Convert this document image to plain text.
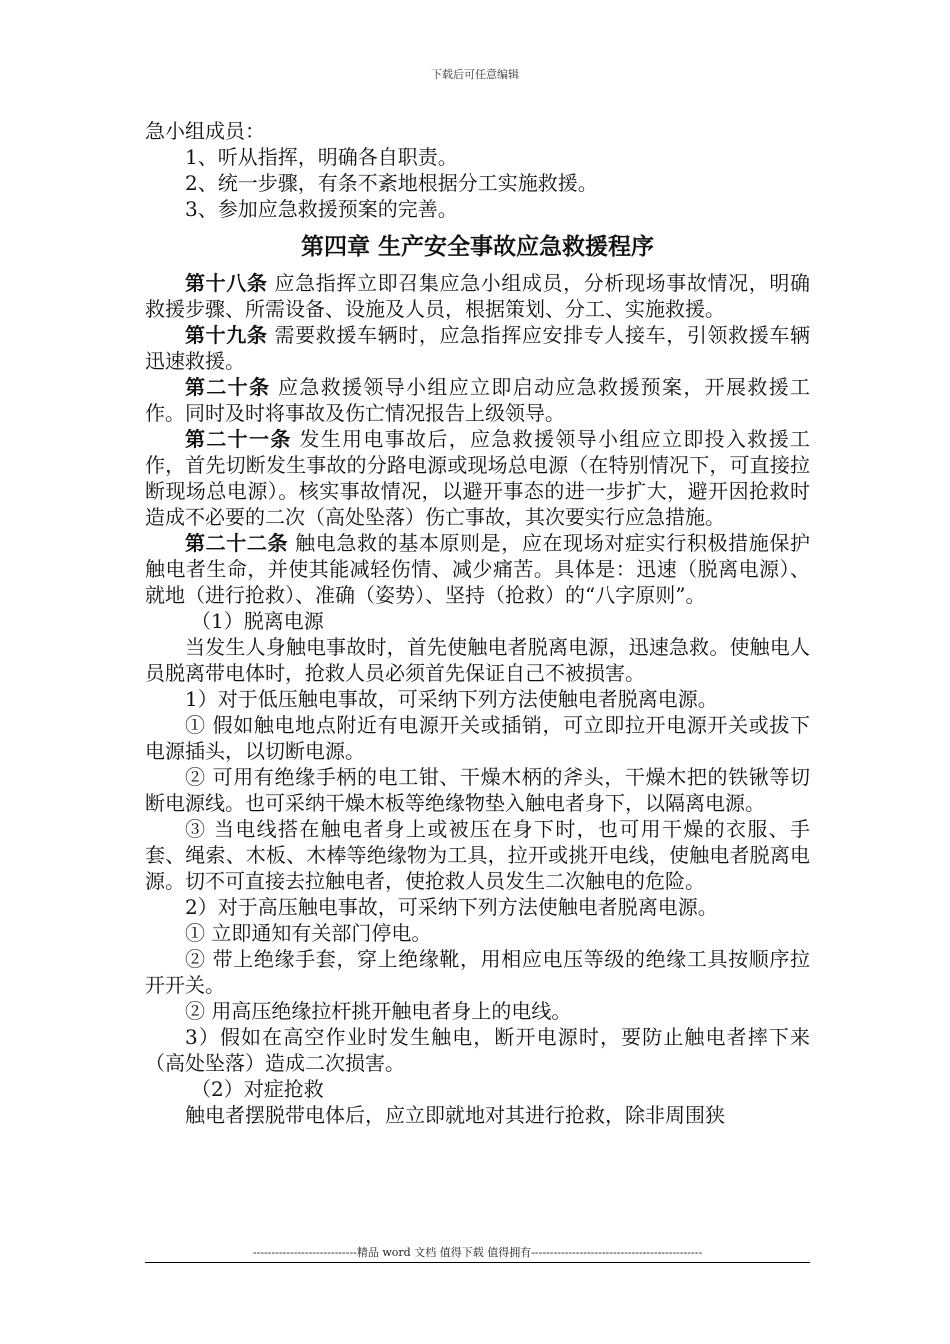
下载后可任意编辑

急小组成员：

1、听从指挥，明确各自职责。

2、统一步骤，有条不紊地根据分工实施救援。

3、参加应急救援预案的完善。

第四章 生产安全事故应急救援程序

第十八条 应急指挥立即召集应急小组成员，分析现场事故情况，明确救援步骤、所需设备、设施及人员，根据策划、分工、实施救援。

第十九条 需要救援车辆时，应急指挥应安排专人接车，引领救援车辆迅速救援。

第二十条 应急救援领导小组应立即启动应急救援预案，开展救援工作。同时及时将事故及伤亡情况报告上级领导。

第二十一条 发生用电事故后，应急救援领导小组应立即投入救援工作，首先切断发生事故的分路电源或现场总电源（在特别情况下，可直接拉断现场总电源）。核实事故情况，以避开事态的进一步扩大，避开因抢救时造成不必要的二次（高处坠落）伤亡事故，其次要实行应急措施。

第二十二条 触电急救的基本原则是，应在现场对症实行积极措施保护触电者生命，并使其能减轻伤情、减少痛苦。具体是：迅速（脱离电源）、就地（进行抢救）、准确（姿势）、坚持（抢救）的“八字原则”。

（1）脱离电源

当发生人身触电事故时，首先使触电者脱离电源，迅速急救。使触电人员脱离带电体时，抢救人员必须首先保证自己不被损害。

1）对于低压触电事故，可采纳下列方法使触电者脱离电源。

① 假如触电地点附近有电源开关或插销，可立即拉开电源开关或拔下电源插头，以切断电源。

② 可用有绝缘手柄的电工钳、干燥木柄的斧头，干燥木把的铁锹等切断电源线。也可采纳干燥木板等绝缘物垫入触电者身下，以隔离电源。

③ 当电线搭在触电者身上或被压在身下时，也可用干燥的衣服、手套、绳索、木板、木棒等绝缘物为工具，拉开或挑开电线，使触电者脱离电源。切不可直接去拉触电者，使抢救人员发生二次触电的危险。

2）对于高压触电事故，可采纳下列方法使触电者脱离电源。

① 立即通知有关部门停电。

② 带上绝缘手套，穿上绝缘靴，用相应电压等级的绝缘工具按顺序拉开开关。

② 用高压绝缘拉杆挑开触电者身上的电线。

3）假如在高空作业时发生触电，断开电源时，要防止触电者摔下来（高处坠落）造成二次损害。

（2）对症抢救

触电者摆脱带电体后，应立即就地对其进行抢救，除非周围狭

----------------------------精品 word 文档 值得下载 值得拥有----------------------------------------------
